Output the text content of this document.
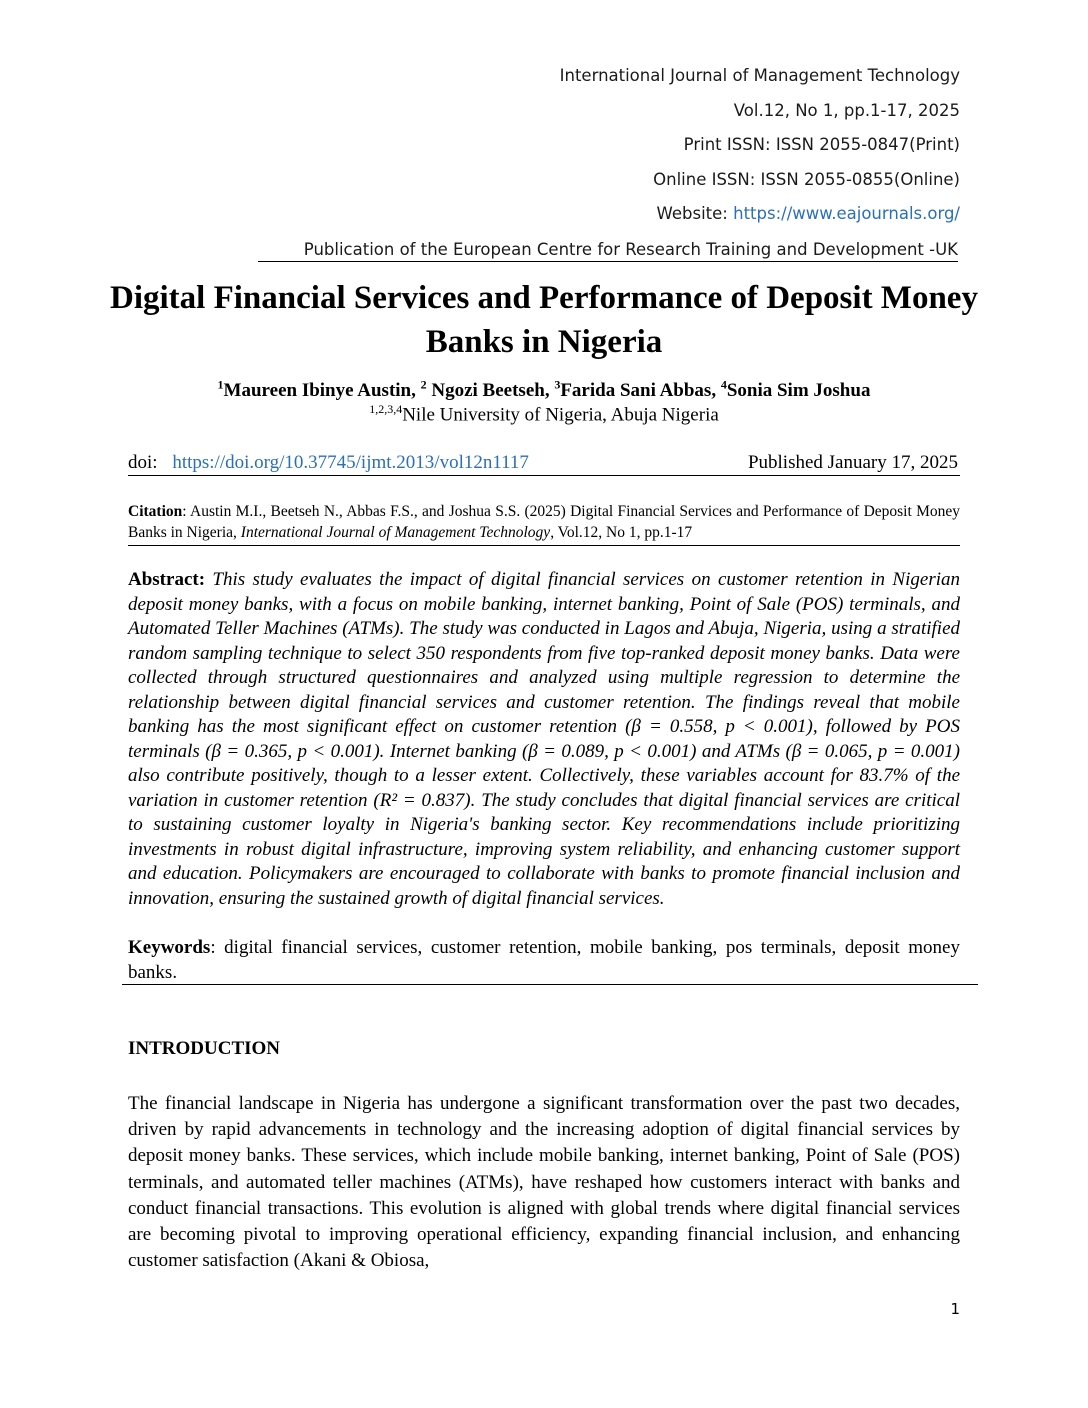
International Journal of Management Technology
Vol.12, No 1, pp.1-17, 2025
Print ISSN: ISSN 2055-0847(Print)
Online ISSN: ISSN 2055-0855(Online)
Website: https://www.eajournals.org/
Publication of the European Centre for Research Training and Development -UK
Digital Financial Services and Performance of Deposit Money Banks in Nigeria
$^1$Maureen Ibinye Austin, $^2$ Ngozi Beetseh, $^3$Farida Sani Abbas, $^4$Sonia Sim Joshua
$^{1,2,3,4}$Nile University of Nigeria, Abuja Nigeria
doi: https://doi.org/10.37745/ijmt.2013/vol12n1117	Published January 17, 2025
Citation: Austin M.I., Beetseh N., Abbas F.S., and Joshua S.S. (2025) Digital Financial Services and Performance of Deposit Money Banks in Nigeria, International Journal of Management Technology, Vol.12, No 1, pp.1-17
Abstract: This study evaluates the impact of digital financial services on customer retention in Nigerian deposit money banks, with a focus on mobile banking, internet banking, Point of Sale (POS) terminals, and Automated Teller Machines (ATMs). The study was conducted in Lagos and Abuja, Nigeria, using a stratified random sampling technique to select 350 respondents from five top-ranked deposit money banks. Data were collected through structured questionnaires and analyzed using multiple regression to determine the relationship between digital financial services and customer retention. The findings reveal that mobile banking has the most significant effect on customer retention (β = 0.558, p < 0.001), followed by POS terminals (β = 0.365, p < 0.001). Internet banking (β = 0.089, p < 0.001) and ATMs (β = 0.065, p = 0.001) also contribute positively, though to a lesser extent. Collectively, these variables account for 83.7% of the variation in customer retention (R² = 0.837). The study concludes that digital financial services are critical to sustaining customer loyalty in Nigeria's banking sector. Key recommendations include prioritizing investments in robust digital infrastructure, improving system reliability, and enhancing customer support and education. Policymakers are encouraged to collaborate with banks to promote financial inclusion and innovation, ensuring the sustained growth of digital financial services.
Keywords: digital financial services, customer retention, mobile banking, pos terminals, deposit money banks.
INTRODUCTION

The financial landscape in Nigeria has undergone a significant transformation over the past two decades, driven by rapid advancements in technology and the increasing adoption of digital financial services by deposit money banks. These services, which include mobile banking, internet banking, Point of Sale (POS) terminals, and automated teller machines (ATMs), have reshaped how customers interact with banks and conduct financial transactions. This evolution is aligned with global trends where digital financial services are becoming pivotal to improving operational efficiency, expanding financial inclusion, and enhancing customer satisfaction (Akani & Obiosa,

1
